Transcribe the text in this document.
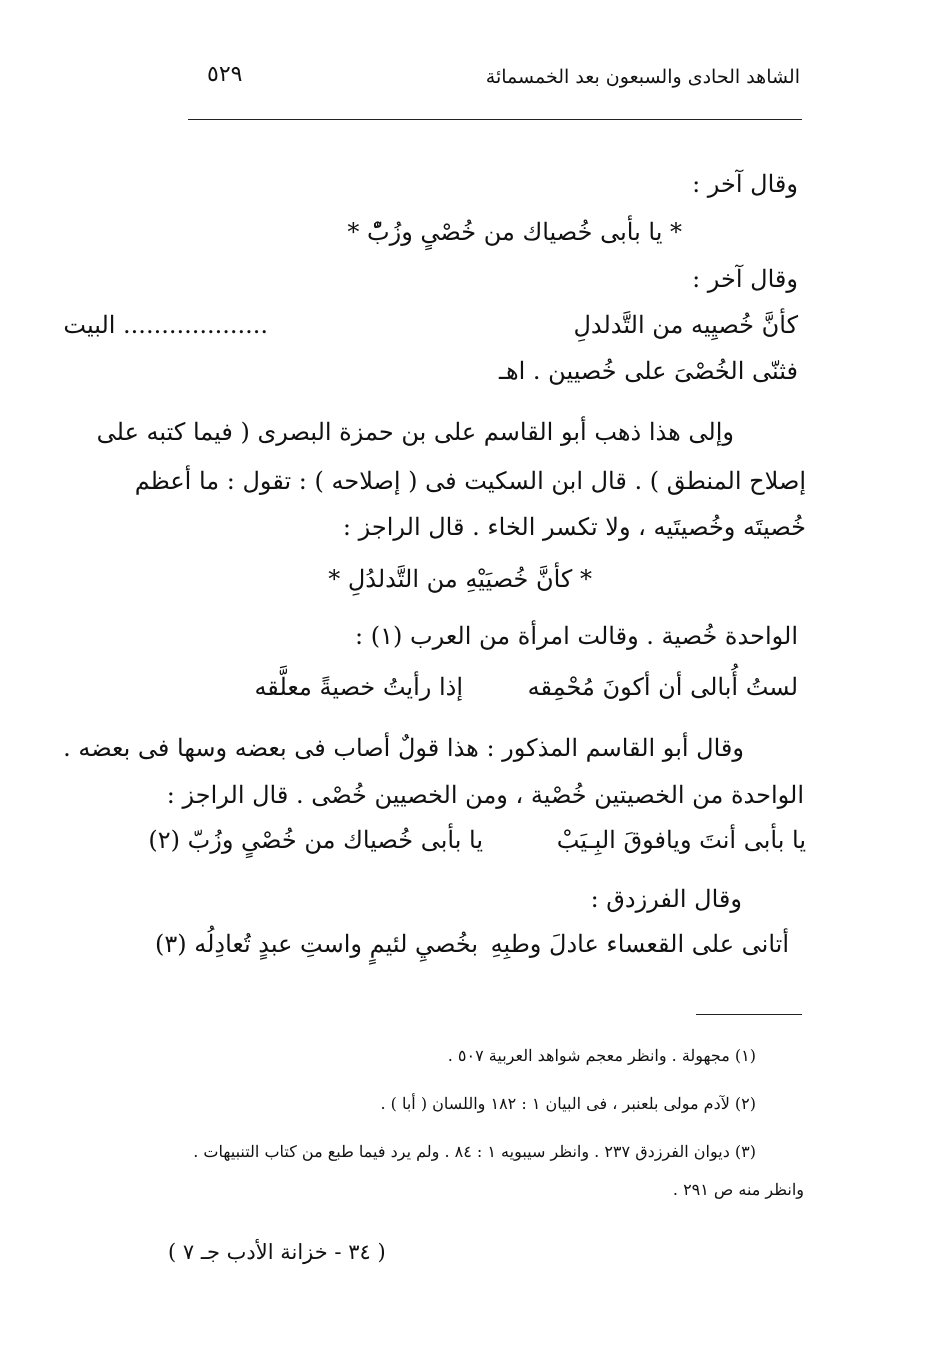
الشاهد الحادى والسبعون بعد الخمسمائة
٥٢٩
وقال آخر :
* يا بأبى خُصياك من خُصْىٍ وزُبّْ *
وقال آخر :
كأنَّ خُصيِيه من التَّدلدلِ
................... البيت
فثنّى الخُصْىَ على خُصيين . اهـ
وإلى هذا ذهب أبو القاسم على بن حمزة البصرى ( فيما كتبه على
إصلاح المنطق ) . قال ابن السكيت فى ( إصلاحه ) : تقول : ما أعظم
خُصيتَه وخُصيتَيه ، ولا تكسر الخاء . قال الراجز :
* كأنَّ خُصيَيْهِ من التَّدلدُلِ *
الواحدة خُصية . وقالت امرأة من العرب (١) :
لستُ أُبالى أن أكونَ مُحْمِقه
إذا رأيتُ خصيةً معلَّقه
وقال أبو القاسم المذكور : هذا قولٌ أصاب فى بعضه وسها فى بعضه .
الواحدة من الخصيتين خُصْية ، ومن الخصيين خُصْى . قال الراجز :
يا بأبى أنتَ ويافوقَ البِـيَبْ
يا بأبى خُصياك من خُصْىٍ وزُبّ (٢)
وقال الفرزدق :
أتانى على القعساء عادلَ وطبِهِ
بخُصيِ لئيمٍ واستِ عبدٍ تُعادِلُه (٣)
(١) مجهولة . وانظر معجم شواهد العربية ٥٠٧ .
(٢) لآدم مولى بلعنبر ، فى البيان ١ : ١٨٢ واللسان ( أبا ) .
(٣) ديوان الفرزدق ٢٣٧ . وانظر سيبويه ١ : ٨٤ . ولم يرد فيما طبع من كتاب التنبيهات .
وانظر منه ص ٢٩١ .
( ٣٤ - خزانة الأدب جـ ٧ )
